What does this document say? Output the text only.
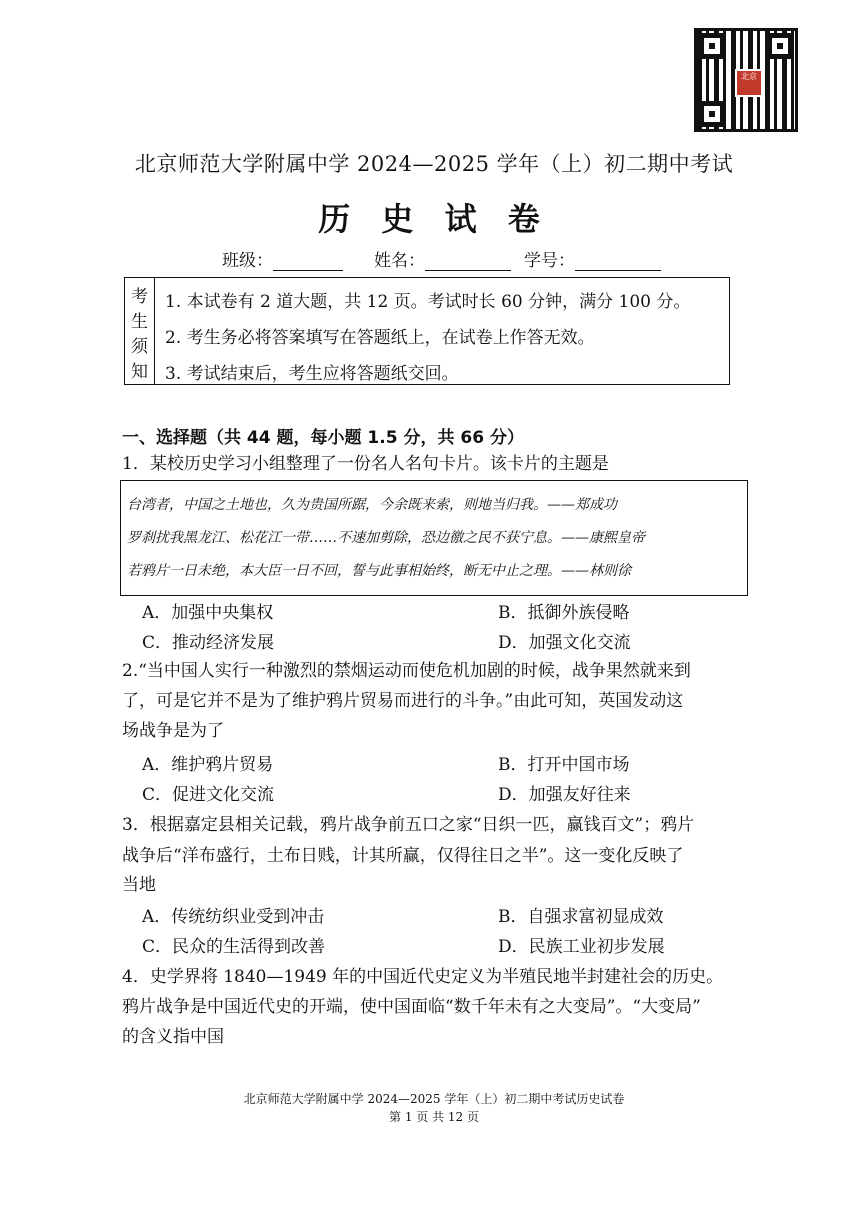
北京
北京师范大学附属中学 2024—2025 学年（上）初二期中考试
历 史 试 卷
班级：	姓名：	学号：
考
生
须
知
1. 本试卷有 2 道大题，共 12 页。考试时长 60 分钟，满分 100 分。
2. 考生务必将答案填写在答题纸上，在试卷上作答无效。
3. 考试结束后，考生应将答题纸交回。
一、选择题（共 44 题，每小题 1.5 分，共 66 分）
1．某校历史学习小组整理了一份名人名句卡片。该卡片的主题是
台湾者，中国之土地也，久为贵国所踞，今余既来索，则地当归我。——郑成功
罗刹扰我黑龙江、松花江一带……不速加剪除，恐边徼之民不获宁息。——康熙皇帝
若鸦片一日未绝，本大臣一日不回，誓与此事相始终，断无中止之理。——林则徐
A．加强中央集权	B．抵御外族侵略
C．推动经济发展	D．加强文化交流
2.“当中国人实行一种激烈的禁烟运动而使危机加剧的时候，战争果然就来到
了，可是它并不是为了维护鸦片贸易而进行的斗争。”由此可知，英国发动这
场战争是为了
A．维护鸦片贸易	B．打开中国市场
C．促进文化交流	D．加强友好往来
3．根据嘉定县相关记载，鸦片战争前五口之家“日织一匹，赢钱百文”；鸦片
战争后“洋布盛行，土布日贱，计其所赢，仅得往日之半”。这一变化反映了
当地
A．传统纺织业受到冲击	B．自强求富初显成效
C．民众的生活得到改善	D．民族工业初步发展
4．史学界将 1840—1949 年的中国近代史定义为半殖民地半封建社会的历史。
鸦片战争是中国近代史的开端，使中国面临“数千年未有之大变局”。“大变局”
的含义指中国
北京师范大学附属中学 2024—2025 学年（上）初二期中考试历史试卷
第 1 页 共 12 页
